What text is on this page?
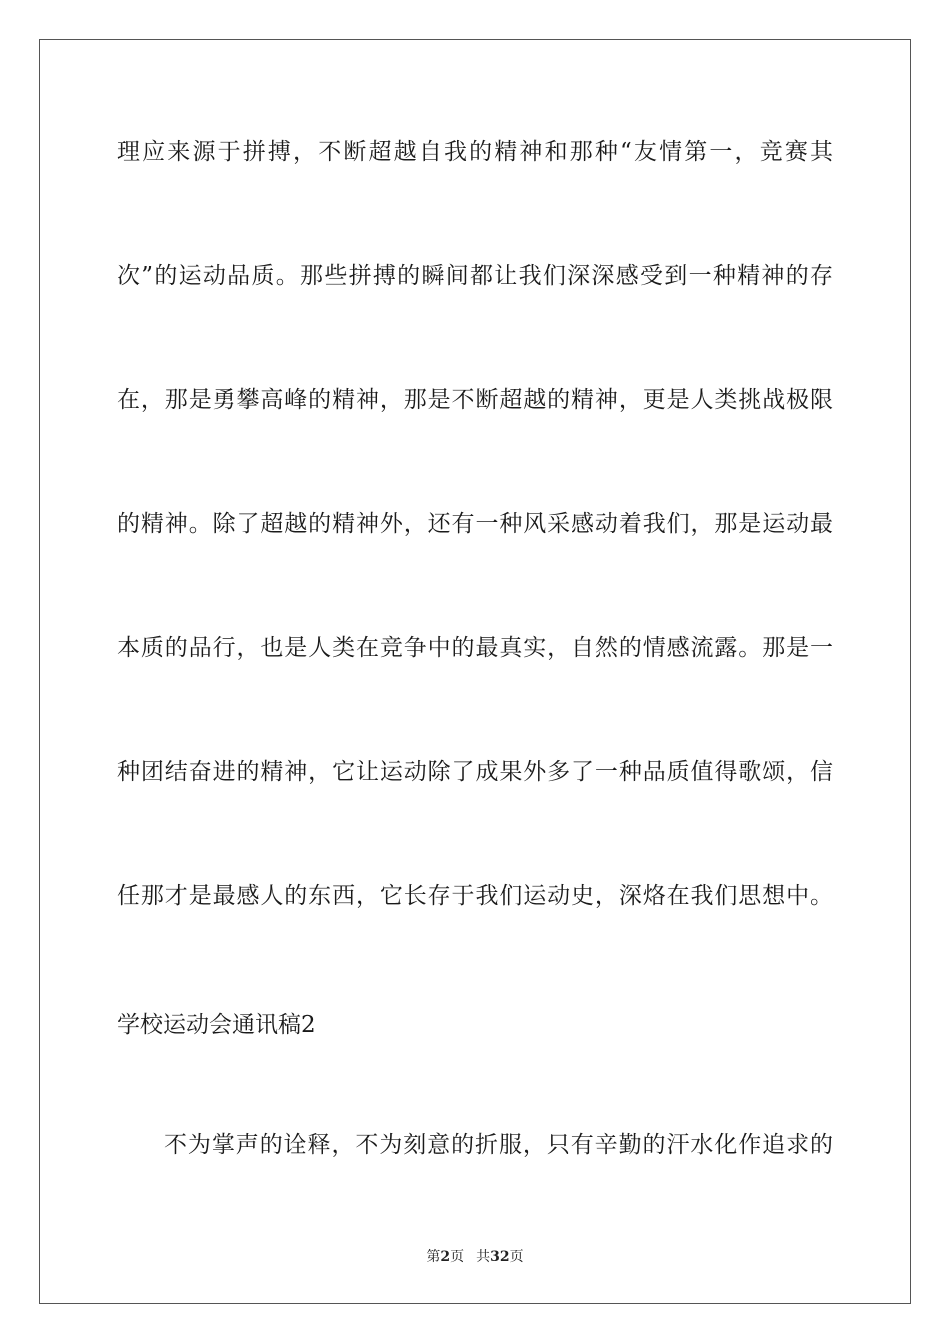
理应来源于拼搏，不断超越自我的精神和那种“友情第一，竞赛其
次”的运动品质。那些拼搏的瞬间都让我们深深感受到一种精神的存
在，那是勇攀高峰的精神，那是不断超越的精神，更是人类挑战极限
的精神。除了超越的精神外，还有一种风采感动着我们，那是运动最
本质的品行，也是人类在竞争中的最真实，自然的情感流露。那是一
种团结奋进的精神，它让运动除了成果外多了一种品质值得歌颂，信
任那才是最感人的东西，它长存于我们运动史，深烙在我们思想中。
学校运动会通讯稿2
不为掌声的诠释，不为刻意的折服，只有辛勤的汗水化作追求的
第2页 共32页
